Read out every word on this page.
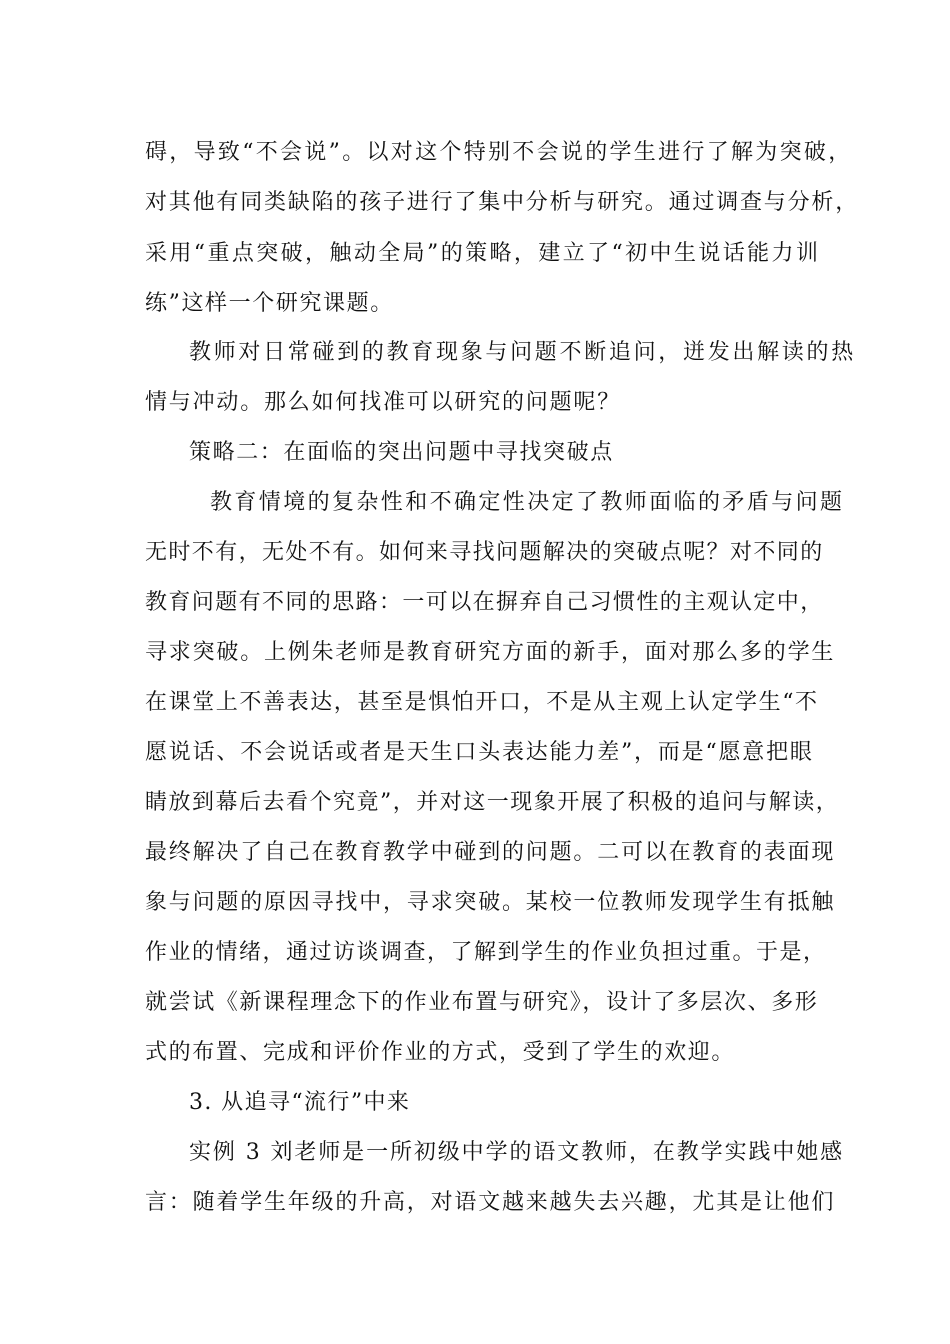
碍，导致“不会说”。以对这个特别不会说的学生进行了解为突破，
对其他有同类缺陷的孩子进行了集中分析与研究。通过调查与分析，
采用“重点突破，触动全局”的策略，建立了“初中生说话能力训
练”这样一个研究课题。
教师对日常碰到的教育现象与问题不断追问，迸发出解读的热
情与冲动。那么如何找准可以研究的问题呢？
策略二：在面临的突出问题中寻找突破点
教育情境的复杂性和不确定性决定了教师面临的矛盾与问题
无时不有，无处不有。如何来寻找问题解决的突破点呢？对不同的
教育问题有不同的思路：一可以在摒弃自己习惯性的主观认定中，
寻求突破。上例朱老师是教育研究方面的新手，面对那么多的学生
在课堂上不善表达，甚至是惧怕开口，不是从主观上认定学生“不
愿说话、不会说话或者是天生口头表达能力差”，而是“愿意把眼
睛放到幕后去看个究竟”，并对这一现象开展了积极的追问与解读，
最终解决了自己在教育教学中碰到的问题。二可以在教育的表面现
象与问题的原因寻找中，寻求突破。某校一位教师发现学生有抵触
作业的情绪，通过访谈调查，了解到学生的作业负担过重。于是，
就尝试《新课程理念下的作业布置与研究》，设计了多层次、多形
式的布置、完成和评价作业的方式，受到了学生的欢迎。
3. 从追寻“流行”中来
实例 3 刘老师是一所初级中学的语文教师，在教学实践中她感
言：随着学生年级的升高，对语文越来越失去兴趣，尤其是让他们
